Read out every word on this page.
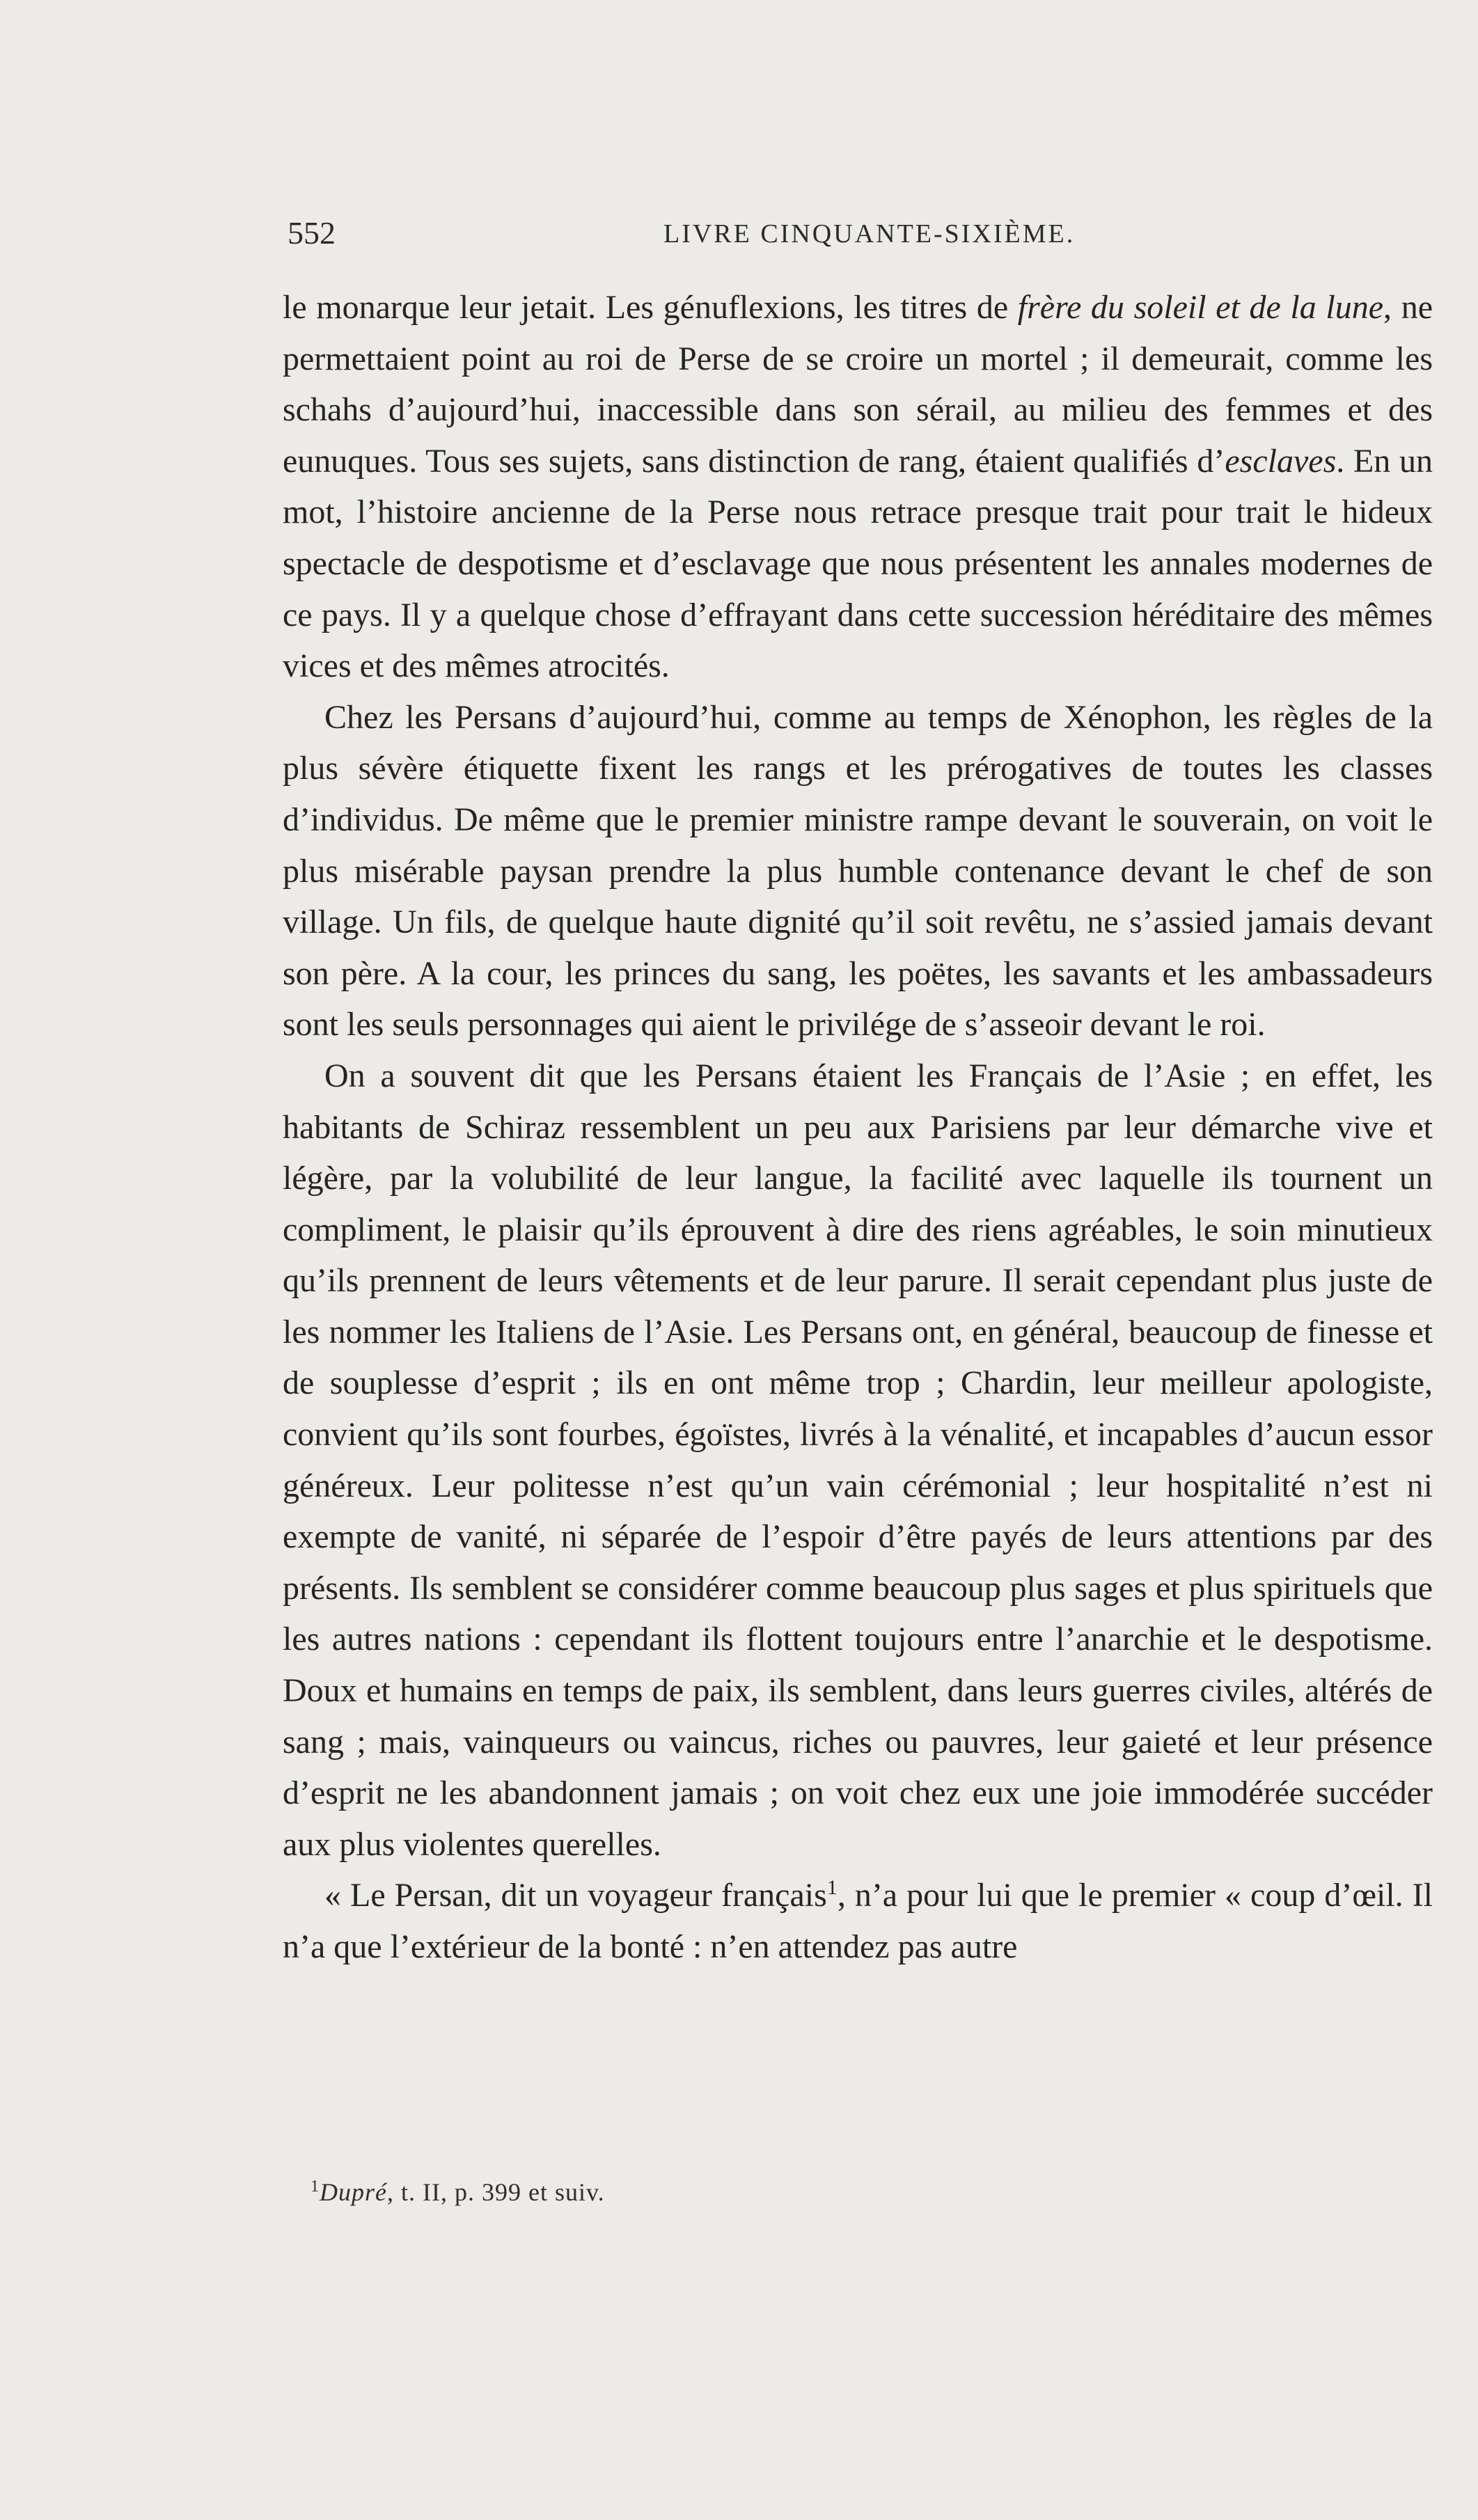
552	LIVRE CINQUANTE-SIXIÈME.

le monarque leur jetait. Les génuflexions, les titres de frère du soleil et de la lune, ne permettaient point au roi de Perse de se croire un mortel ; il demeurait, comme les schahs d’aujourd’hui, inaccessible dans son sérail, au milieu des femmes et des eunuques. Tous ses sujets, sans distinction de rang, étaient qualifiés d’esclaves. En un mot, l’histoire ancienne de la Perse nous retrace presque trait pour trait le hideux spectacle de despotisme et d’esclavage que nous présentent les annales modernes de ce pays. Il y a quelque chose d’effrayant dans cette succession héréditaire des mêmes vices et des mêmes atrocités.

Chez les Persans d’aujourd’hui, comme au temps de Xénophon, les règles de la plus sévère étiquette fixent les rangs et les prérogatives de toutes les classes d’individus. De même que le premier ministre rampe devant le souverain, on voit le plus misérable paysan prendre la plus humble contenance devant le chef de son village. Un fils, de quelque haute dignité qu’il soit revêtu, ne s’assied jamais devant son père. A la cour, les princes du sang, les poëtes, les savants et les ambassadeurs sont les seuls personnages qui aient le privilége de s’asseoir devant le roi.

On a souvent dit que les Persans étaient les Français de l’Asie ; en effet, les habitants de Schiraz ressemblent un peu aux Parisiens par leur démarche vive et légère, par la volubilité de leur langue, la facilité avec laquelle ils tournent un compliment, le plaisir qu’ils éprouvent à dire des riens agréables, le soin minutieux qu’ils prennent de leurs vêtements et de leur parure. Il serait cependant plus juste de les nommer les Italiens de l’Asie. Les Persans ont, en général, beaucoup de finesse et de souplesse d’esprit ; ils en ont même trop ; Chardin, leur meilleur apologiste, convient qu’ils sont fourbes, égoïstes, livrés à la vénalité, et incapables d’aucun essor généreux. Leur politesse n’est qu’un vain cérémonial ; leur hospitalité n’est ni exempte de vanité, ni séparée de l’espoir d’être payés de leurs attentions par des présents. Ils semblent se considérer comme beaucoup plus sages et plus spirituels que les autres nations : cependant ils flottent toujours entre l’anarchie et le despotisme. Doux et humains en temps de paix, ils semblent, dans leurs guerres civiles, altérés de sang ; mais, vainqueurs ou vaincus, riches ou pauvres, leur gaieté et leur présence d’esprit ne les abandonnent jamais ; on voit chez eux une joie immodérée succéder aux plus violentes querelles.

« Le Persan, dit un voyageur français$^1$, n’a pour lui que le premier « coup d’œil. Il n’a que l’extérieur de la bonté : n’en attendez pas autre

$^1$Dupré, t. II, p. 399 et suiv.
